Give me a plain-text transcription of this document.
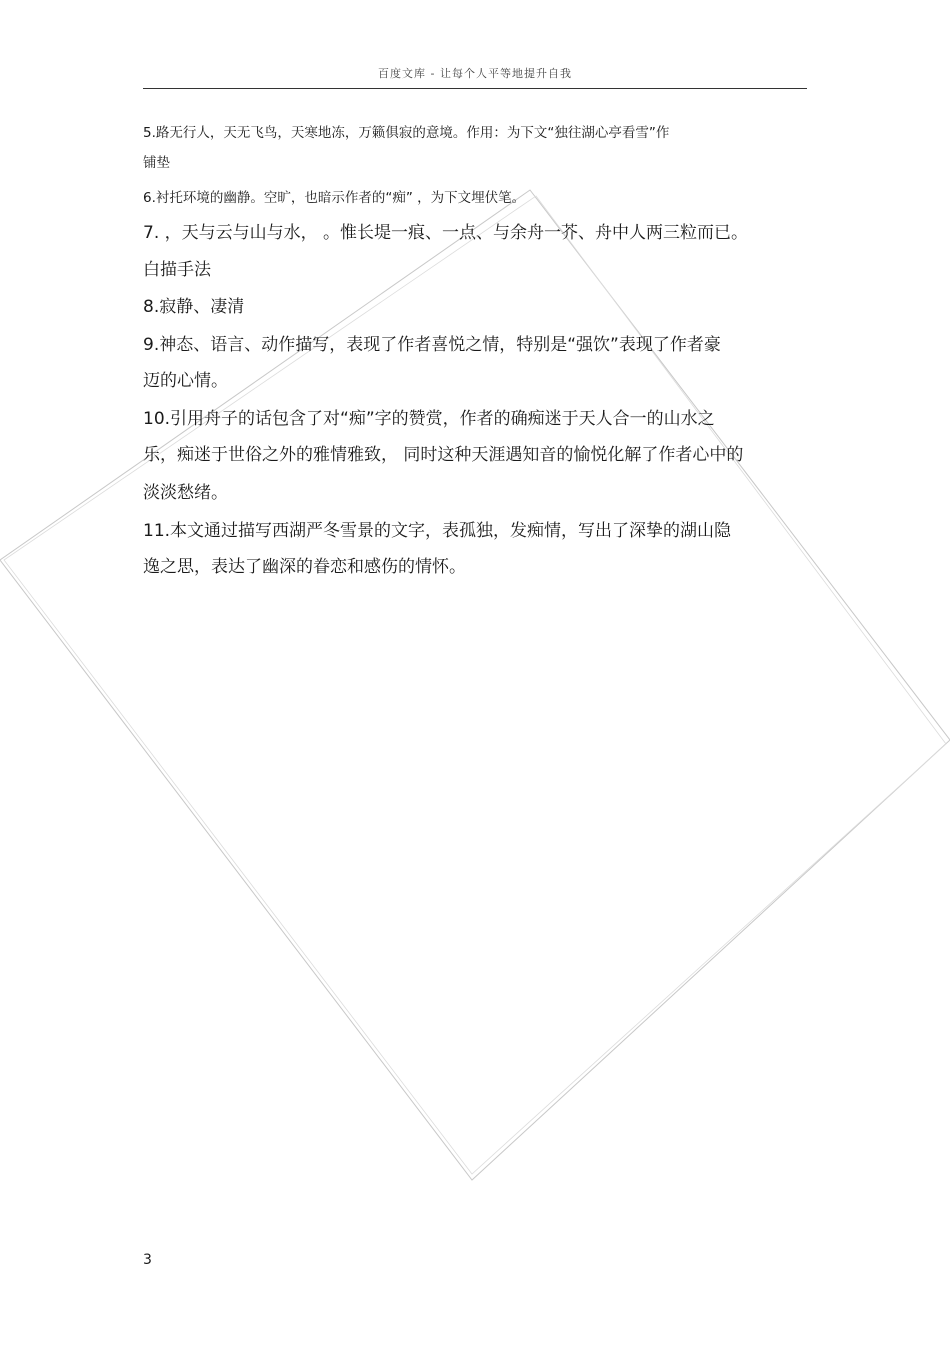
百度文库 - 让每个人平等地提升自我
5.路无行人，天无飞鸟，天寒地冻，万籁俱寂的意境。作用：为下文“独往湖心亭看雪”作
铺垫
6.衬托环境的幽静。空旷，也暗示作者的“痴” ，为下文埋伏笔。
7. ，天与云与山与水， 。惟长堤一痕、一点、与余舟一芥、舟中人两三粒而已。
白描手法
8.寂静、凄清
9.神态、语言、动作描写，表现了作者喜悦之情，特别是“强饮”表现了作者豪
迈的心情。
10.引用舟子的话包含了对“痴”字的赞赏，作者的确痴迷于天人合一的山水之
乐，痴迷于世俗之外的雅情雅致， 同时这种天涯遇知音的愉悦化解了作者心中的
淡淡愁绪。
11.本文通过描写西湖严冬雪景的文字，表孤独，发痴情，写出了深挚的湖山隐
逸之思，表达了幽深的眷恋和感伤的情怀。
3
